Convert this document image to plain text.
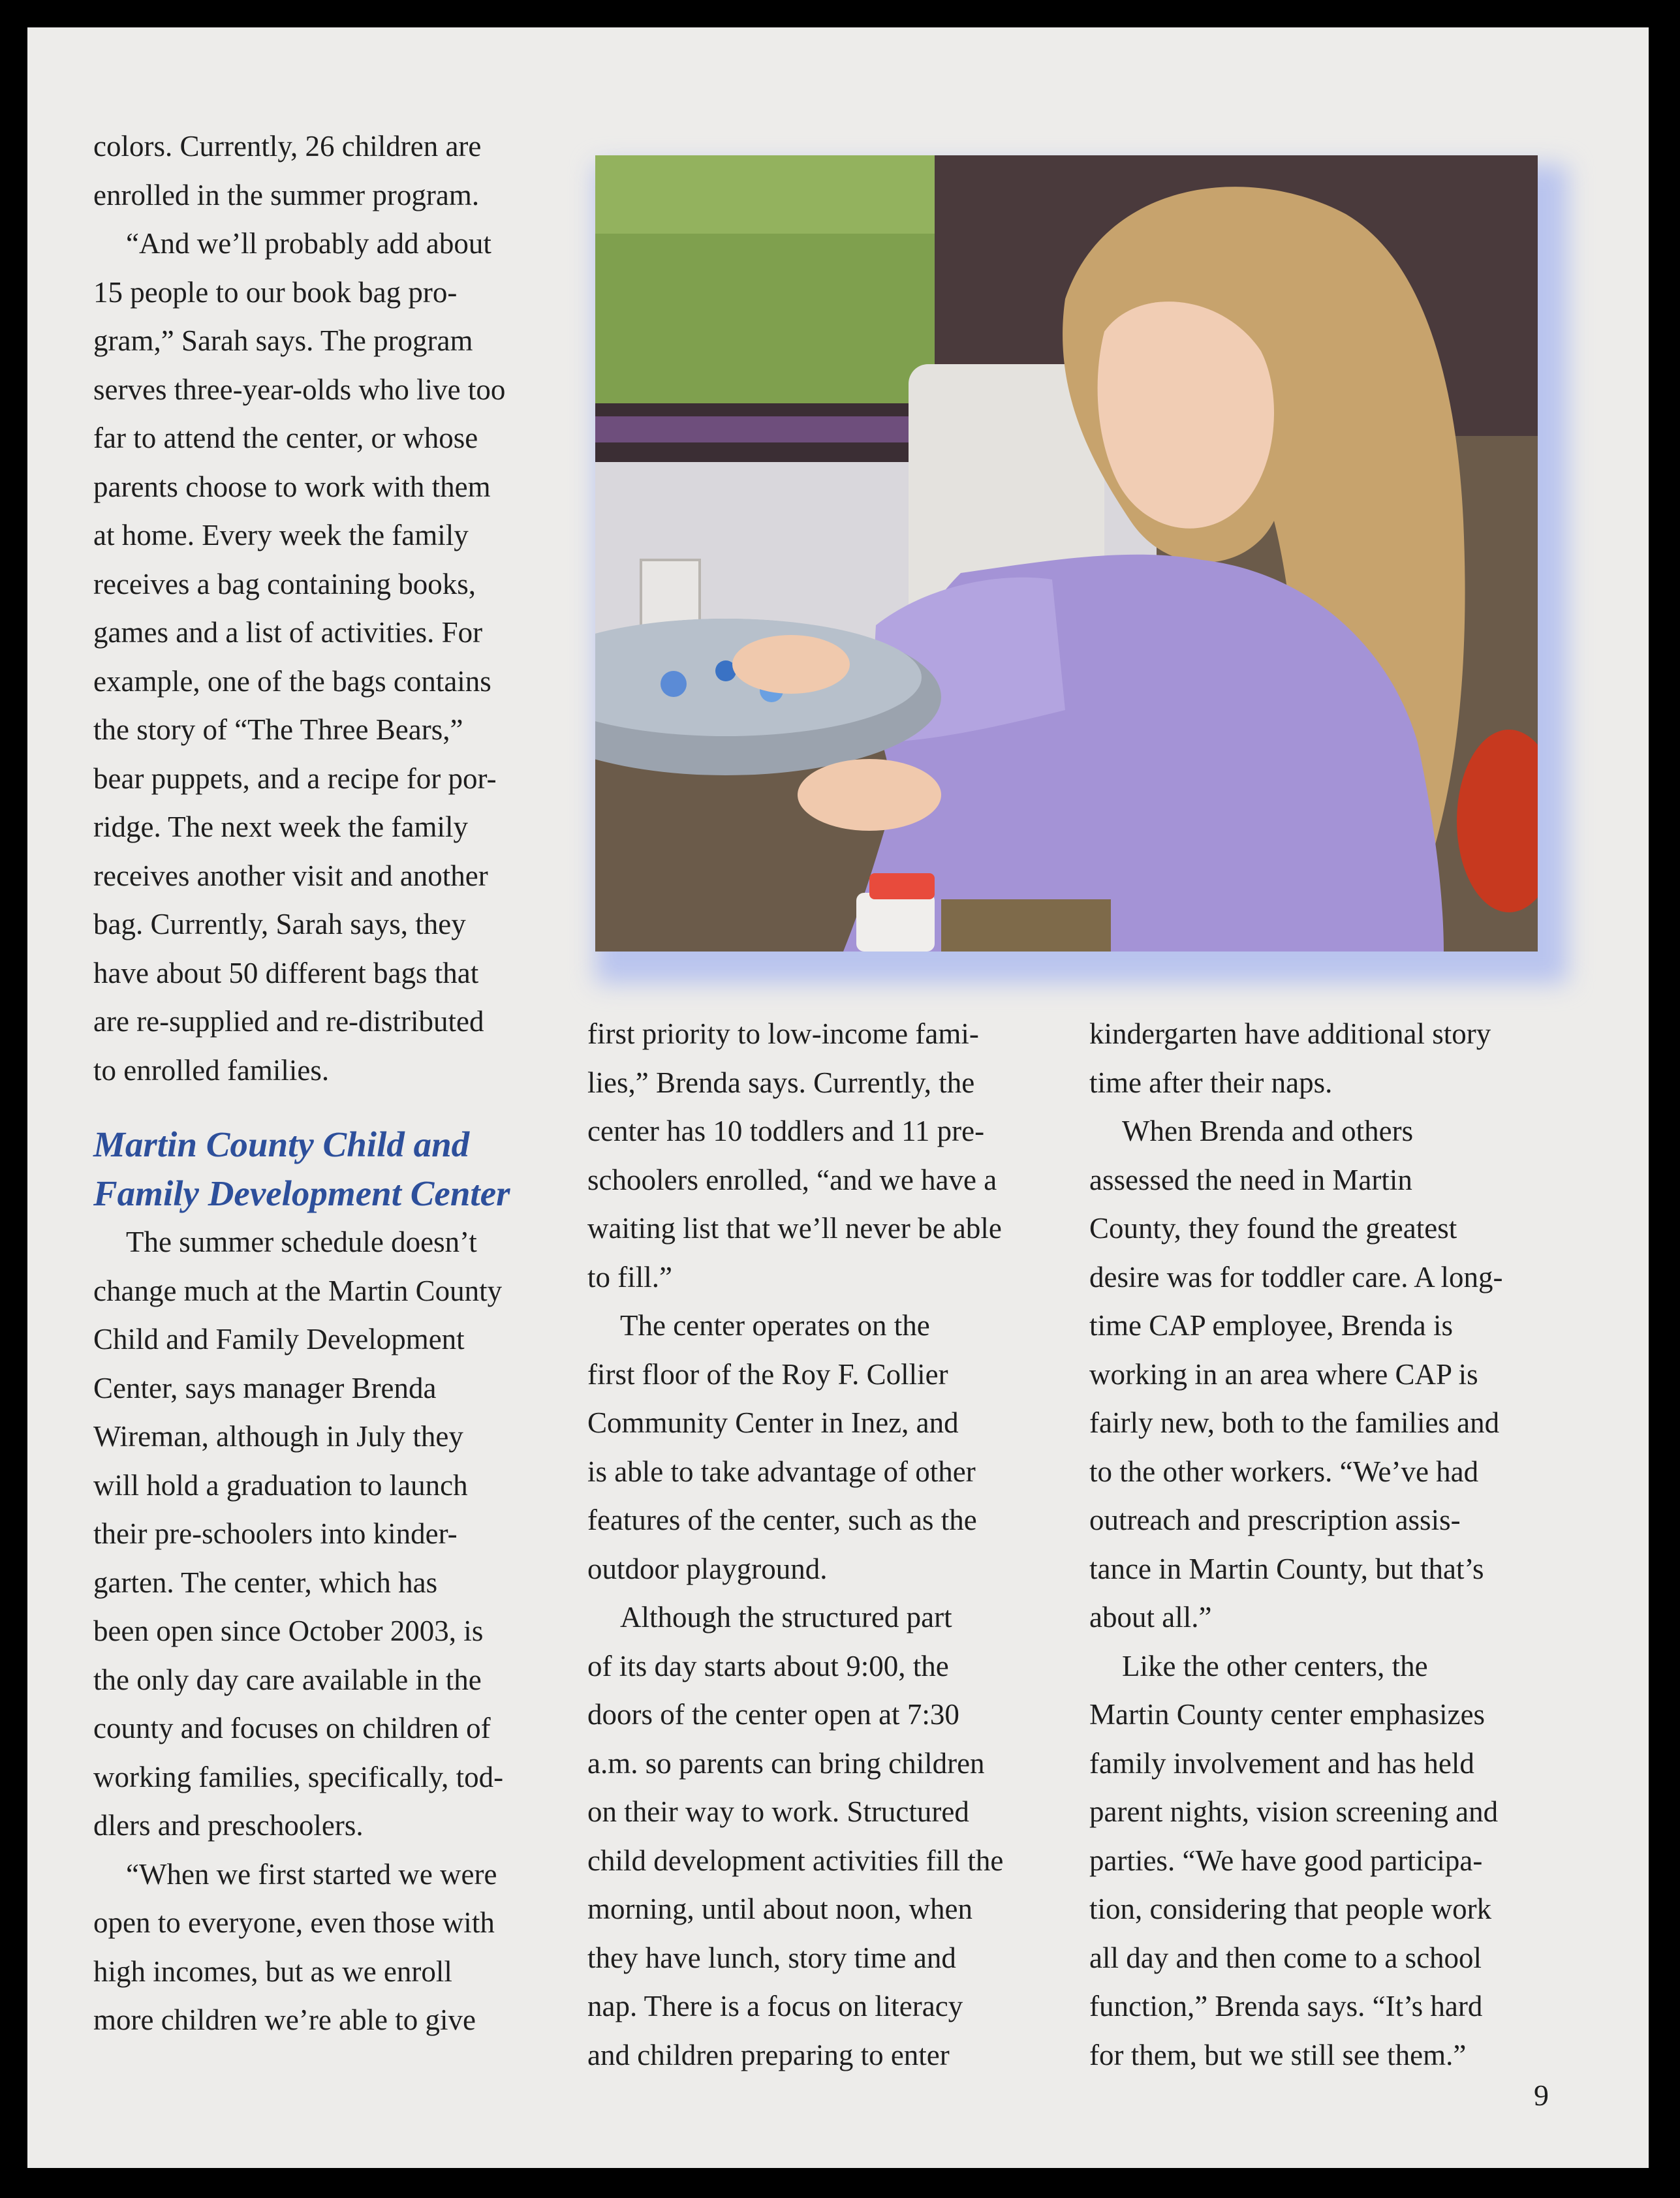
colors. Currently, 26 children are
enrolled in the summer program.
“And we’ll probably add about
15 people to our book bag pro-
gram,” Sarah says. The program
serves three-year-olds who live too
far to attend the center, or whose
parents choose to work with them
at home. Every week the family
receives a bag containing books,
games and a list of activities. For
example, one of the bags contains
the story of “The Three Bears,”
bear puppets, and a recipe for por-
ridge. The next week the family
receives another visit and another
bag. Currently, Sarah says, they
have about 50 different bags that
are re-supplied and re-distributed
to enrolled families.
Martin County Child and
Family Development Center
The summer schedule doesn’t
change much at the Martin County
Child and Family Development
Center, says manager Brenda
Wireman, although in July they
will hold a graduation to launch
their pre-schoolers into kinder-
garten. The center, which has
been open since October 2003, is
the only day care available in the
county and focuses on children of
working families, specifically, tod-
dlers and preschoolers.
“When we first started we were
open to everyone, even those with
high incomes, but as we enroll
more children we’re able to give
first priority to low-income fami-
lies,” Brenda says. Currently, the
center has 10 toddlers and 11 pre-
schoolers enrolled, “and we have a
waiting list that we’ll never be able
to fill.”
The center operates on the
first floor of the Roy F. Collier
Community Center in Inez, and
is able to take advantage of other
features of the center, such as the
outdoor playground.
Although the structured part
of its day starts about 9:00, the
doors of the center open at 7:30
a.m. so parents can bring children
on their way to work. Structured
child development activities fill the
morning, until about noon, when
they have lunch, story time and
nap. There is a focus on literacy
and children preparing to enter
kindergarten have additional story
time after their naps.
When Brenda and others
assessed the need in Martin
County, they found the greatest
desire was for toddler care. A long-
time CAP employee, Brenda is
working in an area where CAP is
fairly new, both to the families and
to the other workers. “We’ve had
outreach and prescription assis-
tance in Martin County, but that’s
about all.”
Like the other centers, the
Martin County center emphasizes
family involvement and has held
parent nights, vision screening and
parties. “We have good participa-
tion, considering that people work
all day and then come to a school
function,” Brenda says. “It’s hard
for them, but we still see them.”
9
